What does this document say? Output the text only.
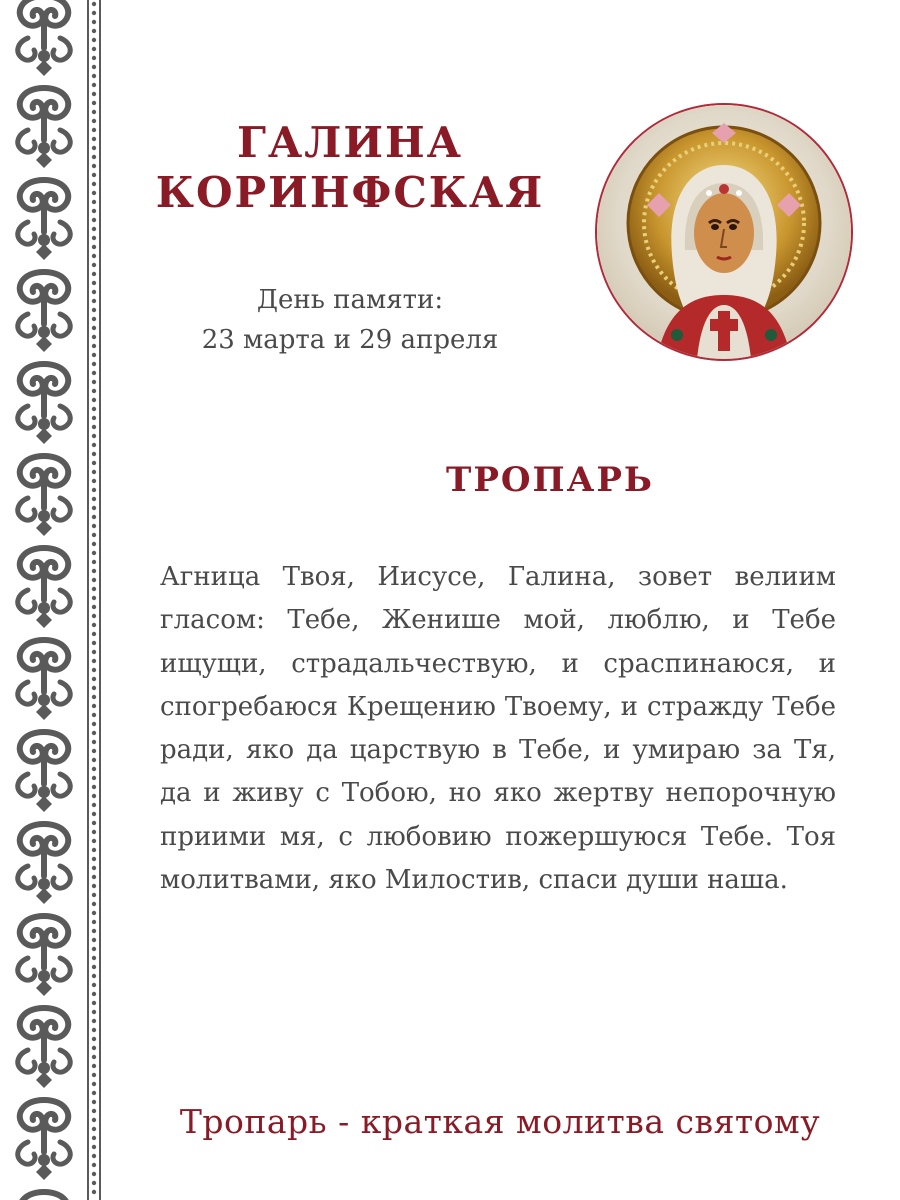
ГАЛИНА
КОРИНФСКАЯ
День памяти:
23 марта и 29 апреля
ТРОПАРЬ

Агница Твоя, Иисусе, Галина, зовет велиим гласом: Тебе, Женише мой, люблю, и Тебе ищущи, страдальчествую, и сраспинаюся, и спогребаюся Крещению Твоему, и стражду Тебе ради, яко да царствую в Тебе, и умираю за Тя, да и живу с Тобою, но яко жертву непорочную приими мя, с любовию пожершуюся Тебе. Тоя молитвами, яко Милостив, спаси души наша.

Тропарь - краткая молитва святому
